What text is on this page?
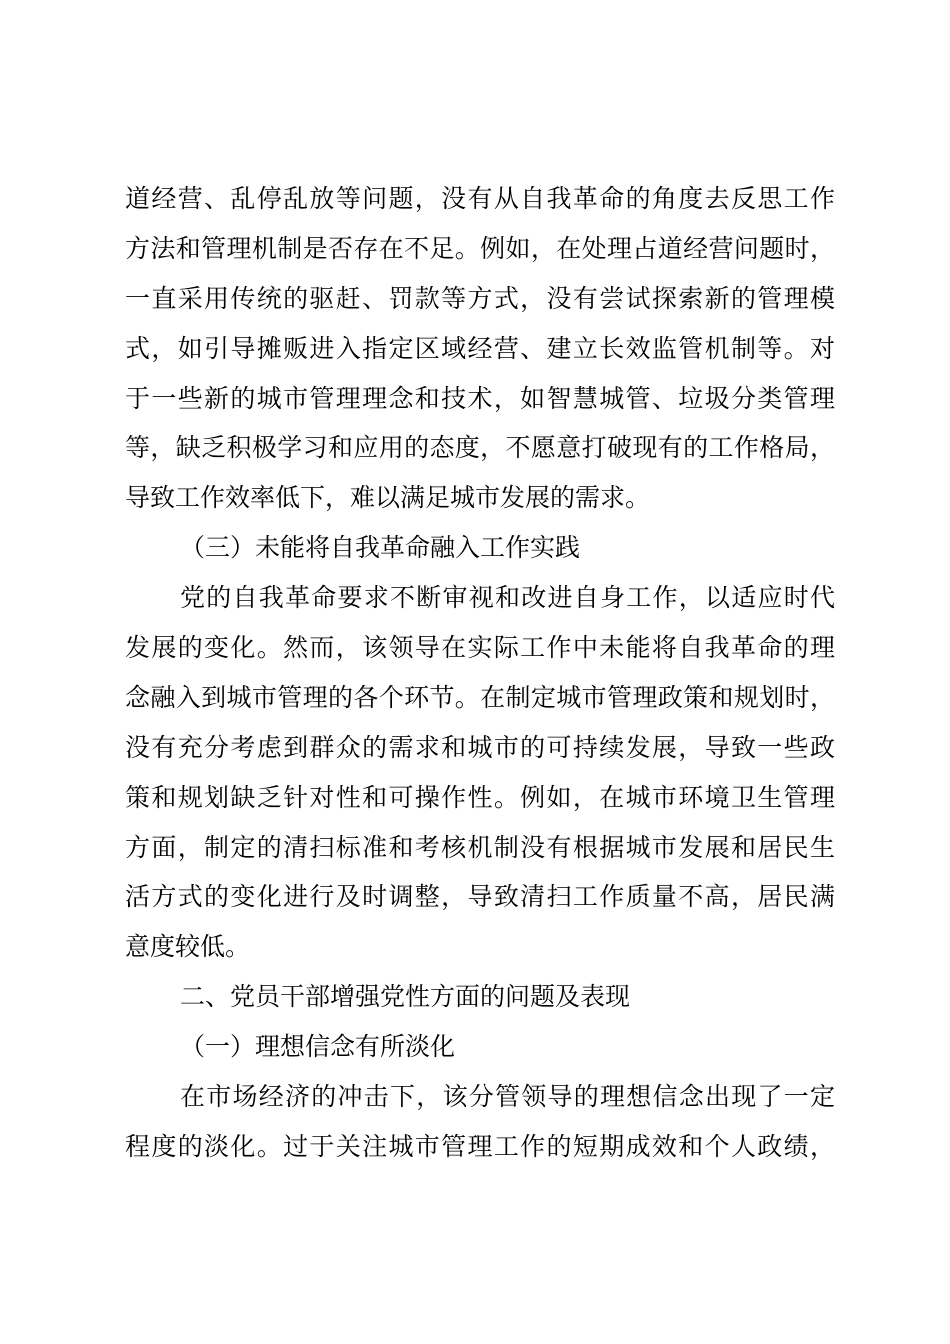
道经营、乱停乱放等问题，没有从自我革命的角度去反思工作
方法和管理机制是否存在不足。例如，在处理占道经营问题时，
一直采用传统的驱赶、罚款等方式，没有尝试探索新的管理模
式，如引导摊贩进入指定区域经营、建立长效监管机制等。对
于一些新的城市管理理念和技术，如智慧城管、垃圾分类管理
等，缺乏积极学习和应用的态度，不愿意打破现有的工作格局，
导致工作效率低下，难以满足城市发展的需求。
（三）未能将自我革命融入工作实践
党的自我革命要求不断审视和改进自身工作，以适应时代
发展的变化。然而，该领导在实际工作中未能将自我革命的理
念融入到城市管理的各个环节。在制定城市管理政策和规划时，
没有充分考虑到群众的需求和城市的可持续发展，导致一些政
策和规划缺乏针对性和可操作性。例如，在城市环境卫生管理
方面，制定的清扫标准和考核机制没有根据城市发展和居民生
活方式的变化进行及时调整，导致清扫工作质量不高，居民满
意度较低。
二、党员干部增强党性方面的问题及表现
（一）理想信念有所淡化
在市场经济的冲击下，该分管领导的理想信念出现了一定
程度的淡化。过于关注城市管理工作的短期成效和个人政绩，
